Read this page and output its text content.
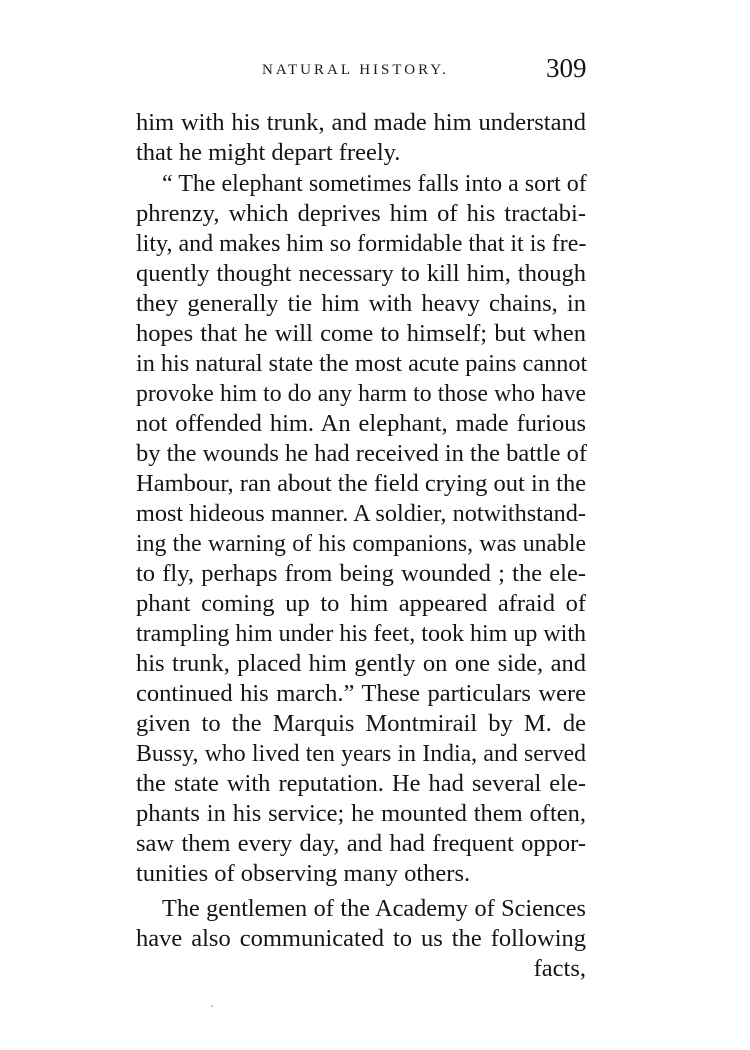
NATURAL HISTORY.	309
him with his trunk, and made him understand
that he might depart freely.
“ The elephant sometimes falls into a sort of
phrenzy, which deprives him of his tractabi-
lity, and makes him so formidable that it is fre-
quently thought necessary to kill him, though
they generally tie him with heavy chains, in
hopes that he will come to himself; but when
in his natural state the most acute pains cannot
provoke him to do any harm to those who have
not offended him. An elephant, made furious
by the wounds he had received in the battle of
Hambour, ran about the field crying out in the
most hideous manner. A soldier, notwithstand-
ing the warning of his companions, was unable
to fly, perhaps from being wounded ; the ele-
phant coming up to him appeared afraid of
trampling him under his feet, took him up with
his trunk, placed him gently on one side, and
continued his march.” These particulars were
given to the Marquis Montmirail by M. de
Bussy, who lived ten years in India, and served
the state with reputation. He had several ele-
phants in his service; he mounted them often,
saw them every day, and had frequent oppor-
tunities of observing many others.
The gentlemen of the Academy of Sciences
have also communicated to us the following
facts,
